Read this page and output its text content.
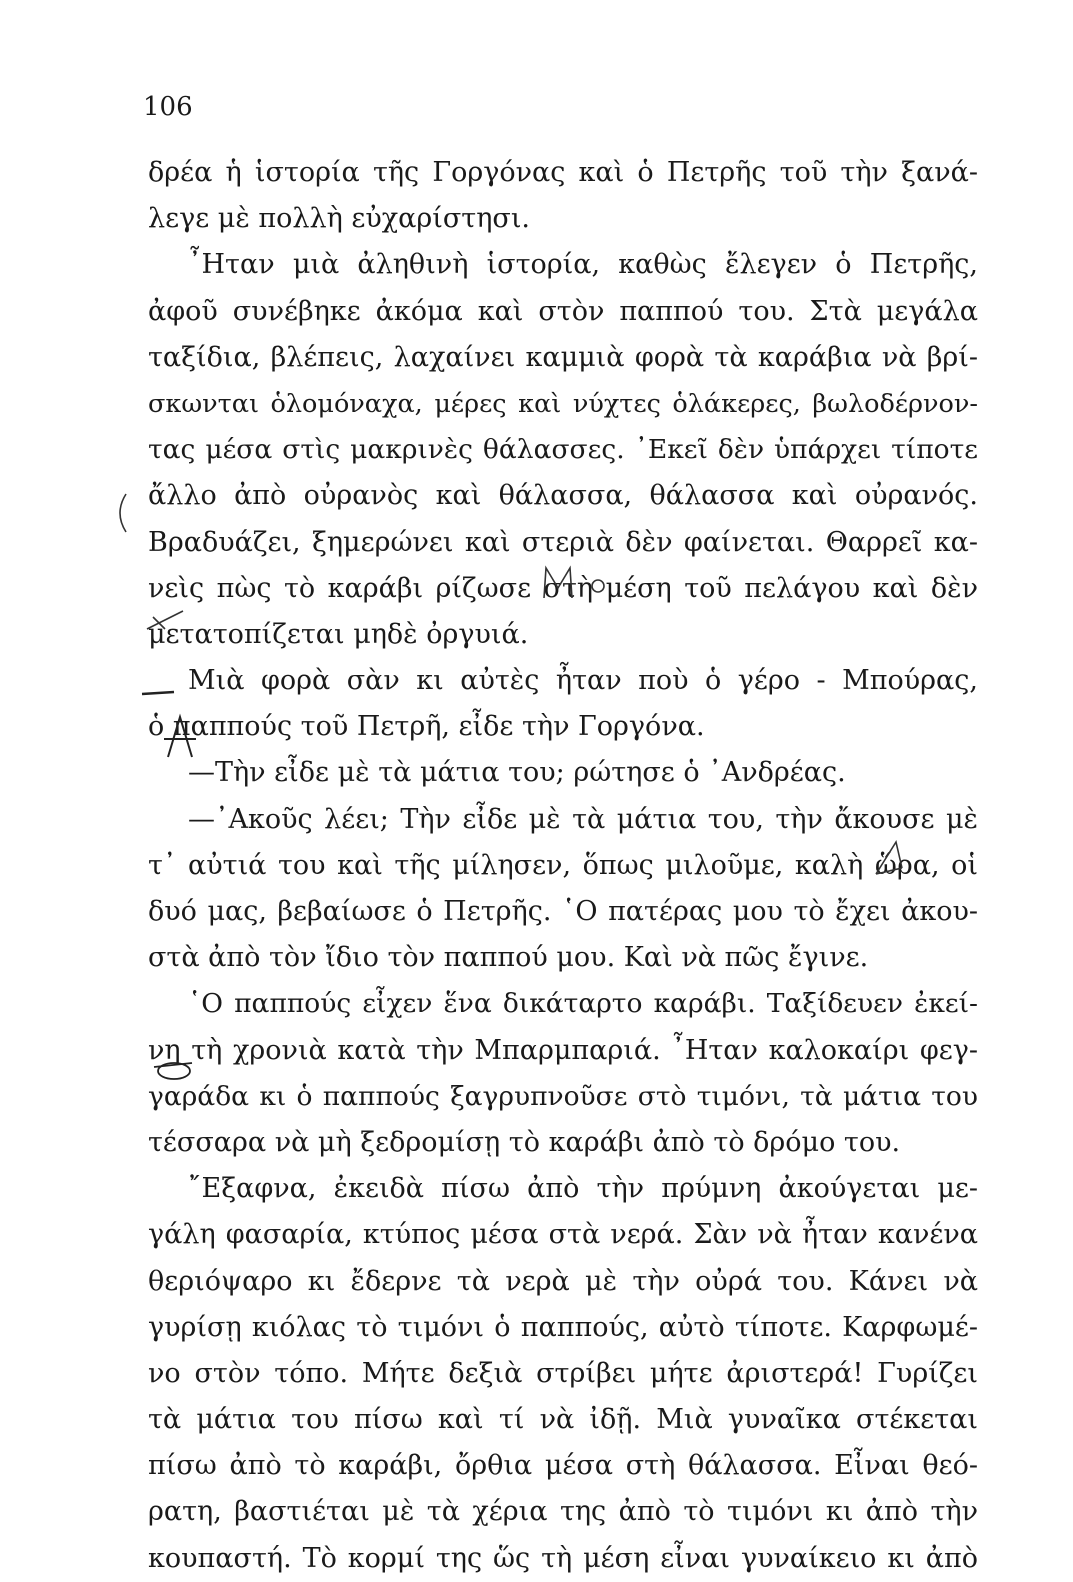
106
δρέα ἡ ἱστορία τῆς Γοργόνας καὶ ὁ Πετρῆς τοῦ τὴν ξανά-
λεγε μὲ πολλὴ εὐχαρίστησι.
῏Ηταν μιὰ ἀληθινὴ ἱστορία, καθὼς ἔλεγεν ὁ Πετρῆς,
ἀφοῦ συνέβηκε ἀκόμα καὶ στὸν παππού του. Στὰ μεγάλα
ταξίδια, βλέπεις, λαχαίνει καμμιὰ φορὰ τὰ καράβια νὰ βρί-
σκωνται ὁλομόναχα, μέρες καὶ νύχτες ὁλάκερες, βωλοδέρνον-
τας μέσα στὶς μακρινὲς θάλασσες. ᾽Εκεῖ δὲν ὑπάρχει τίποτε
ἄλλο ἀπὸ οὐρανὸς καὶ θάλασσα, θάλασσα καὶ οὐρανός.
Βραδυάζει, ξημερώνει καὶ στεριὰ δὲν φαίνεται. Θαρρεῖ κα-
νεὶς πὼς τὸ καράβι ρίζωσε στὴ μέση τοῦ πελάγου καὶ δὲν
μετατοπίζεται μηδὲ ὀργυιά.
Μιὰ φορὰ σὰν κι αὐτὲς ἦταν ποὺ ὁ γέρο - Μπούρας,
ὁ παππούς τοῦ Πετρῆ, εἶδε τὴν Γοργόνα.
—Τὴν εἶδε μὲ τὰ μάτια του; ρώτησε ὁ ᾽Ανδρέας.
—᾽Ακοῦς λέει; Τὴν εἶδε μὲ τὰ μάτια του, τὴν ἄκουσε μὲ
τ᾽ αὐτιά του καὶ τῆς μίλησεν, ὅπως μιλοῦμε, καλὴ ὥρα, οἱ
δυό μας, βεβαίωσε ὁ Πετρῆς. ῾Ο πατέρας μου τὸ ἔχει ἀκου-
στὰ ἀπὸ τὸν ἴδιο τὸν παππού μου. Καὶ νὰ πῶς ἔγινε.
῾Ο παππούς εἶχεν ἕνα δικάταρτο καράβι. Ταξίδευεν ἐκεί-
νη τὴ χρονιὰ κατὰ τὴν Μπαρμπαριά. ῏Ηταν καλοκαίρι φεγ-
γαράδα κι ὁ παππούς ξαγρυπνοῦσε στὸ τιμόνι, τὰ μάτια του
τέσσαρα νὰ μὴ ξεδρομίσῃ τὸ καράβι ἀπὸ τὸ δρόμο του.
῎Εξαφνα, ἐκειδὰ πίσω ἀπὸ τὴν πρύμνη ἀκούγεται με-
γάλη φασαρία, κτύπος μέσα στὰ νερά. Σὰν νὰ ἦταν κανένα
θεριόψαρο κι ἔδερνε τὰ νερὰ μὲ τὴν οὐρά του. Κάνει νὰ
γυρίσῃ κιόλας τὸ τιμόνι ὁ παππούς, αὐτὸ τίποτε. Καρφωμέ-
νο στὸν τόπο. Μήτε δεξιὰ στρίβει μήτε ἀριστερά! Γυρίζει
τὰ μάτια του πίσω καὶ τί νὰ ἰδῇ. Μιὰ γυναῖκα στέκεται
πίσω ἀπὸ τὸ καράβι, ὄρθια μέσα στὴ θάλασσα. Εἶναι θεό-
ρατη, βαστιέται μὲ τὰ χέρια της ἀπὸ τὸ τιμόνι κι ἀπὸ τὴν
κουπαστή. Τὸ κορμί της ὥς τὴ μέση εἶναι γυναίκειο κι ἀπὸ
